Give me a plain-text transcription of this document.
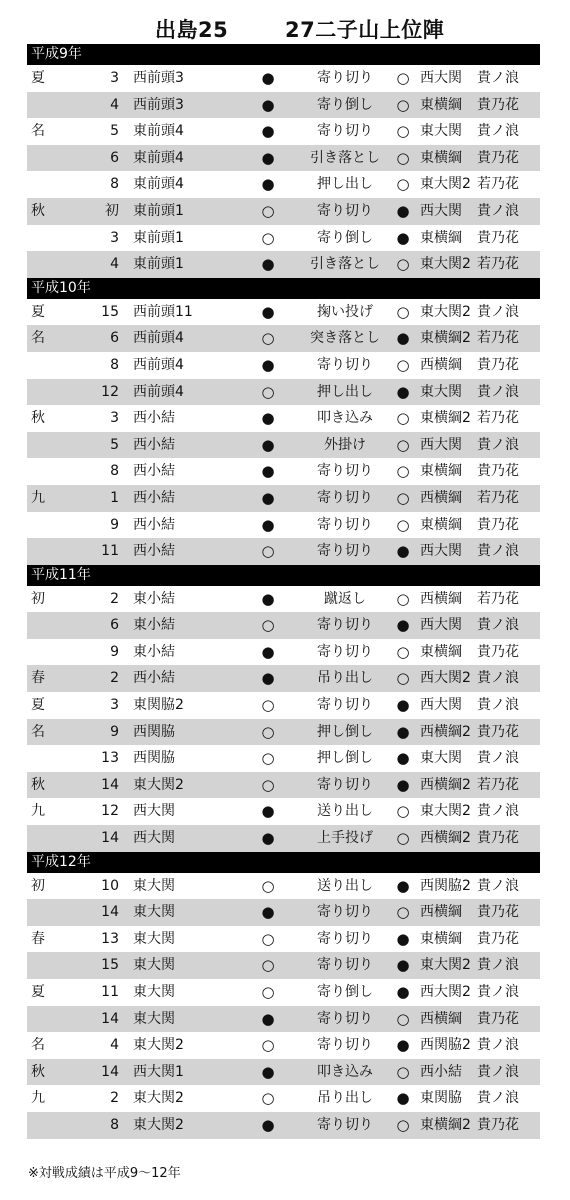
出島25	27二子山上位陣
平成9年
夏	3 西前頭3	●	寄り切り	○ 西大関 貴ノ浪
4 西前頭3	●	寄り倒し	○ 東横綱 貴乃花
名	5 東前頭4	●	寄り切り	○ 東大関 貴ノ浪
6 東前頭4	●	引き落とし	○ 東横綱 貴乃花
8 東前頭4	●	押し出し	○ 東大関2 若乃花
秋	初 東前頭1	○	寄り切り	● 西大関 貴ノ浪
3 東前頭1	○	寄り倒し	● 東横綱 貴乃花
4 東前頭1	●	引き落とし	○ 東大関2 若乃花
平成10年
夏	15 西前頭11	●	掬い投げ	○ 東大関2 貴ノ浪
名	6 西前頭4	○	突き落とし	● 東横綱2 若乃花
8 西前頭4	●	寄り切り	○ 西横綱 貴乃花
12 西前頭4	○	押し出し	● 東大関 貴ノ浪
秋	3 西小結	●	叩き込み	○ 東横綱2 若乃花
5 西小結	●	外掛け	○ 西大関 貴ノ浪
8 西小結	●	寄り切り	○ 東横綱 貴乃花
九	1 西小結	●	寄り切り	○ 西横綱 若乃花
9 西小結	●	寄り切り	○ 東横綱 貴乃花
11 西小結	○	寄り切り	● 西大関 貴ノ浪
平成11年
初	2 東小結	●	蹴返し	○ 西横綱 若乃花
6 東小結	○	寄り切り	● 西大関 貴ノ浪
9 東小結	●	寄り切り	○ 東横綱 貴乃花
春	2 西小結	●	吊り出し	○ 西大関2 貴ノ浪
夏	3 東関脇2	○	寄り切り	● 西大関 貴ノ浪
名	9 西関脇	○	押し倒し	● 西横綱2 貴乃花
13 西関脇	○	押し倒し	● 東大関 貴ノ浪
秋	14 東大関2	○	寄り切り	● 西横綱2 若乃花
九	12 西大関	●	送り出し	○ 東大関2 貴ノ浪
14 西大関	●	上手投げ	○ 西横綱2 貴乃花
平成12年
初	10 東大関	○	送り出し	● 西関脇2 貴ノ浪
14 東大関	●	寄り切り	○ 西横綱 貴乃花
春	13 東大関	○	寄り切り	● 東横綱 貴乃花
15 東大関	○	寄り切り	● 東大関2 貴ノ浪
夏	11 東大関	○	寄り倒し	● 西大関2 貴ノ浪
14 東大関	●	寄り切り	○ 西横綱 貴乃花
名	4 東大関2	○	寄り切り	● 西関脇2 貴ノ浪
秋	14 西大関1	●	叩き込み	○ 西小結 貴ノ浪
九	2 東大関2	○	吊り出し	● 東関脇 貴ノ浪
8 東大関2	●	寄り切り	○ 東横綱2 貴乃花
※対戦成績は平成9～12年
